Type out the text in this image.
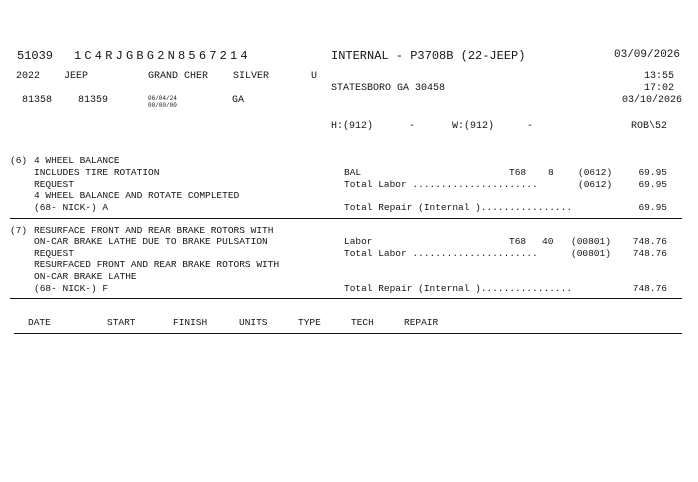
51039 1C4RJGBG2N8567214	INTERNAL - P3708B (22-JEEP)	03/09/2026
2022 JEEP	GRAND CHER SILVER	U	13:55
17:02
03/10/2026
STATESBORO GA 30458
81358	81359	06/04/24
00/00/00	GA
H:(912)	-	W:(912)	-	ROB\52
(6) 4 WHEEL BALANCE
INCLUDES TIRE ROTATION
REQUEST
4 WHEEL BALANCE AND ROTATE COMPLETED
(68- NICK-) A
BAL	T68 8	(0612)	69.95
Total Labor ......................	(0612)	69.95
Total Repair (Internal )................	69.95
(7) RESURFACE FRONT AND REAR BRAKE ROTORS WITH
ON-CAR BRAKE LATHE DUE TO BRAKE PULSATION
REQUEST
RESURFACED FRONT AND REAR BRAKE ROTORS WITH
ON-CAR BRAKE LATHE
(68- NICK-) F
Labor	T68 40 (00801) 748.76
Total Labor ......................	(00801) 748.76
Total Repair (Internal )................	748.76
DATE	START	FINISH	UNITS	TYPE	TECH	REPAIR
